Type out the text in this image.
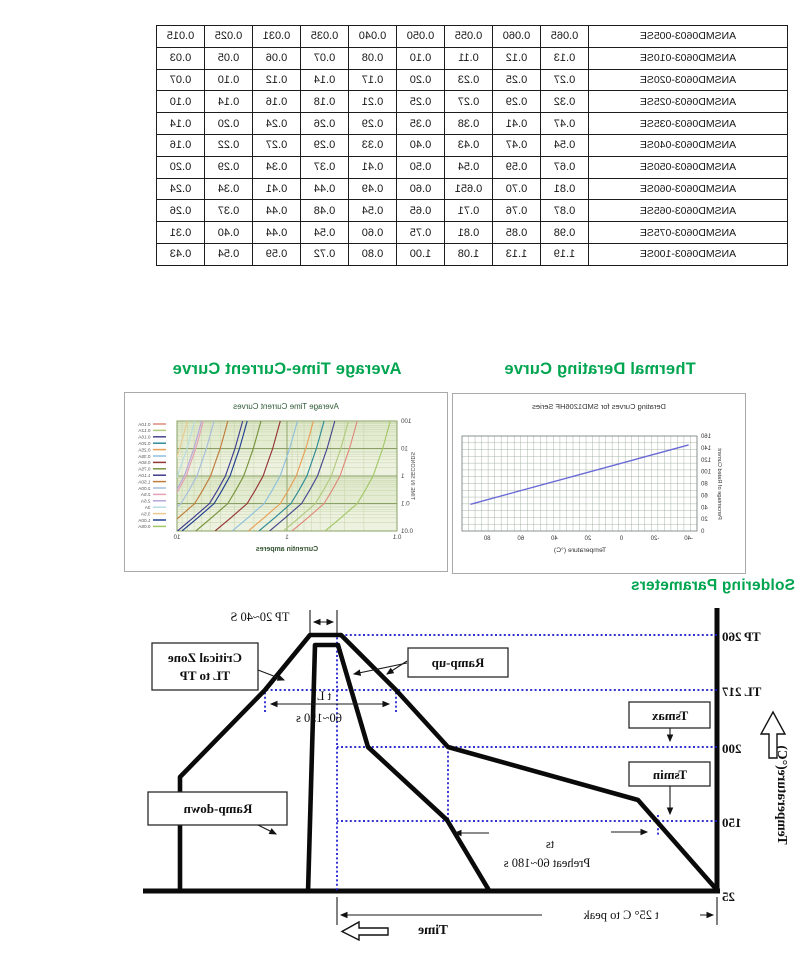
ANSMD0603-005SE	0.065	0.060	0.055	0.050	0.040	0.035	0.031	0.025	0.015
ANSMD0603-010SE	0.13	0.12	0.11	0.10	0.08	0.07	0.06	0.05	0.03
ANSMD0603-020SE	0.27	0.25	0.23	0.20	0.17	0.14	0.12	0.10	0.07
ANSMD0603-025SE	0.32	0.29	0.27	0.25	0.21	0.18	0.16	0.14	0.10
ANSMD0603-035SE	0.47	0.41	0.38	0.35	0.29	0.26	0.24	0.20	0.14
ANSMD0603-040SE	0.54	0.47	0.43	0.40	0.33	0.29	0.27	0.22	0.16
ANSMD0603-050SE	0.67	0.59	0.54	0.50	0.41	0.37	0.34	0.29	0.20
ANSMD0603-060SE	0.81	0.70	0.651	0.60	0.49	0.44	0.41	0.34	0.24
ANSMD0603-065SE	0.87	0.76	0.71	0.65	0.54	0.48	0.44	0.37	0.26
ANSMD0603-075SE	0.98	0.85	0.81	0.75	0.60	0.54	0.44	0.40	0.31
ANSMD0603-100SE	1.19	1.13	1.08	1.00	0.80	0.72	0.59	0.54	0.43
Thermal Derating Curve
Average Time-Current Curve
Derating Curves for SMD1206HF Series
0
20
40
60
80
100
120
140
160
-40
-20
0
20
40
60
80
Temperature (°C)
Percentage of Rated Current
Average Time Current Curves
0.01
0.1
1
10
100
0.1
1
10
Currentin amperes
TIME IN SECONDS
0.10A
0.12A
0.16A
0.20A
0.25A
0.35A
0.50A
0.75A
1.10A
1.50A
2.00A
2.5A
2.6A
3A
3.5A
1.00A
0.05A
Soldering Parameters
TP 20~40 S
Critical Zone
TL to TP
Ramp-up
t L
60~150 s	Tsmax
Tsmin
ts
Preheat 60~180 s
Ramp-down
t 25° C to peak
Time
Temperature(°C)
TP 260
TL 217
200
150
25
